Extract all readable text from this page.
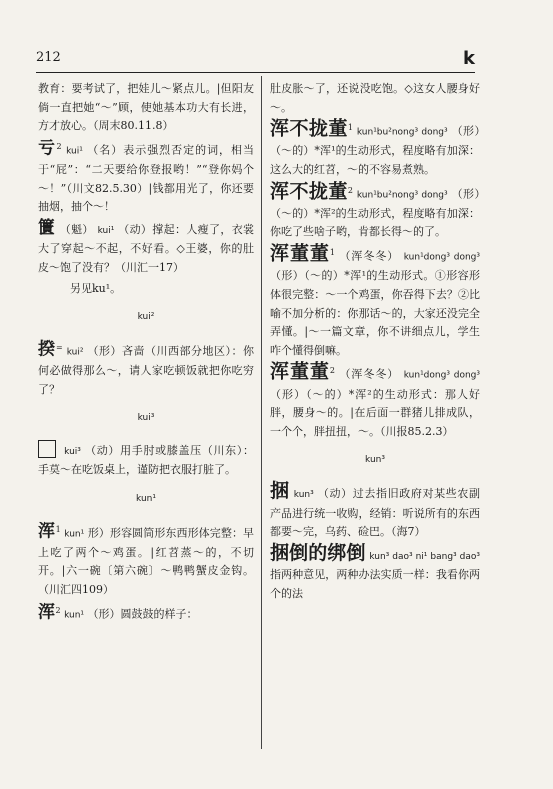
212	k

教育：要考试了，把娃儿～紧点儿。|但阳友倘一直把她“～”顾，使她基本功大有长进，方才放心。（周末80.11.8）

亏$^2$ kui¹ （名）表示强烈否定的词，相当于“屁”：“二天要给你登报哟！”“登你妈个～！”（川文82.5.30）|钱都用光了，你还要抽烟，抽个～！

籄 （魁） kui¹ （动）撑起：人瘦了，衣裳大了穿起～不起，不好看。◇王婆，你的肚皮～饱了没有？（川汇一17）

另见ku¹。

kui²

揆= kui² （形）吝啬（川西部分地区）：你何必做得那么～，请人家吃顿饭就把你吃穷了？

kui³

kui³ （动）用手肘或膝盖压（川东）：手莫～在吃饭桌上，谨防把衣服打脏了。

kun¹

浑$^1$ kun¹ 形）形容圆筒形东西形体完整：早上吃了两个～鸡蛋。|红苕蒸～的，不切开。|六一碗〔第六碗〕～鸭鸭蟹皮金钩。（川汇四109）

浑$^2$ kun¹ （形）圆鼓鼓的样子：

肚皮胀～了，还说没吃饱。◇这女人腰身好～。

浑不拢董$^1$ kun¹bu²nong³ dong³ （形）（～的）*浑¹的生动形式，程度略有加深：这么大的红苕，～的不容易煮熟。

浑不拢董$^2$ kun¹bu²nong³ dong³ （形）（～的）*浑²的生动形式，程度略有加深：你吃了些啥子哟，肯都长得～的了。

浑董董$^1$ （浑冬冬） kun¹dong³ dong³ （形）（～的）*浑¹的生动形式。①形容形体很完整：～一个鸡蛋，你吞得下去？②比喻不加分析的：你那话～的，大家还没完全弄懂。|～一篇文章，你不讲细点儿，学生咋个懂得倒嘛。

浑董董$^2$ （浑冬冬） kun¹dong³ dong³ （形）（～的）*浑²的生动形式：那人好胖，腰身～的。|在后面一群猪儿排成队，一个个，胖扭扭，～。（川报85.2.3）

kun³

捆 kun³ （动）过去指旧政府对某些农副产品进行统一收购，经销：听说所有的东西都要～完，乌药、硷巴。（海7）

捆倒的绑倒 kun³ dao³ ni¹ bang³ dao³ 指两种意见，两种办法实质一样：我看你两个的法
